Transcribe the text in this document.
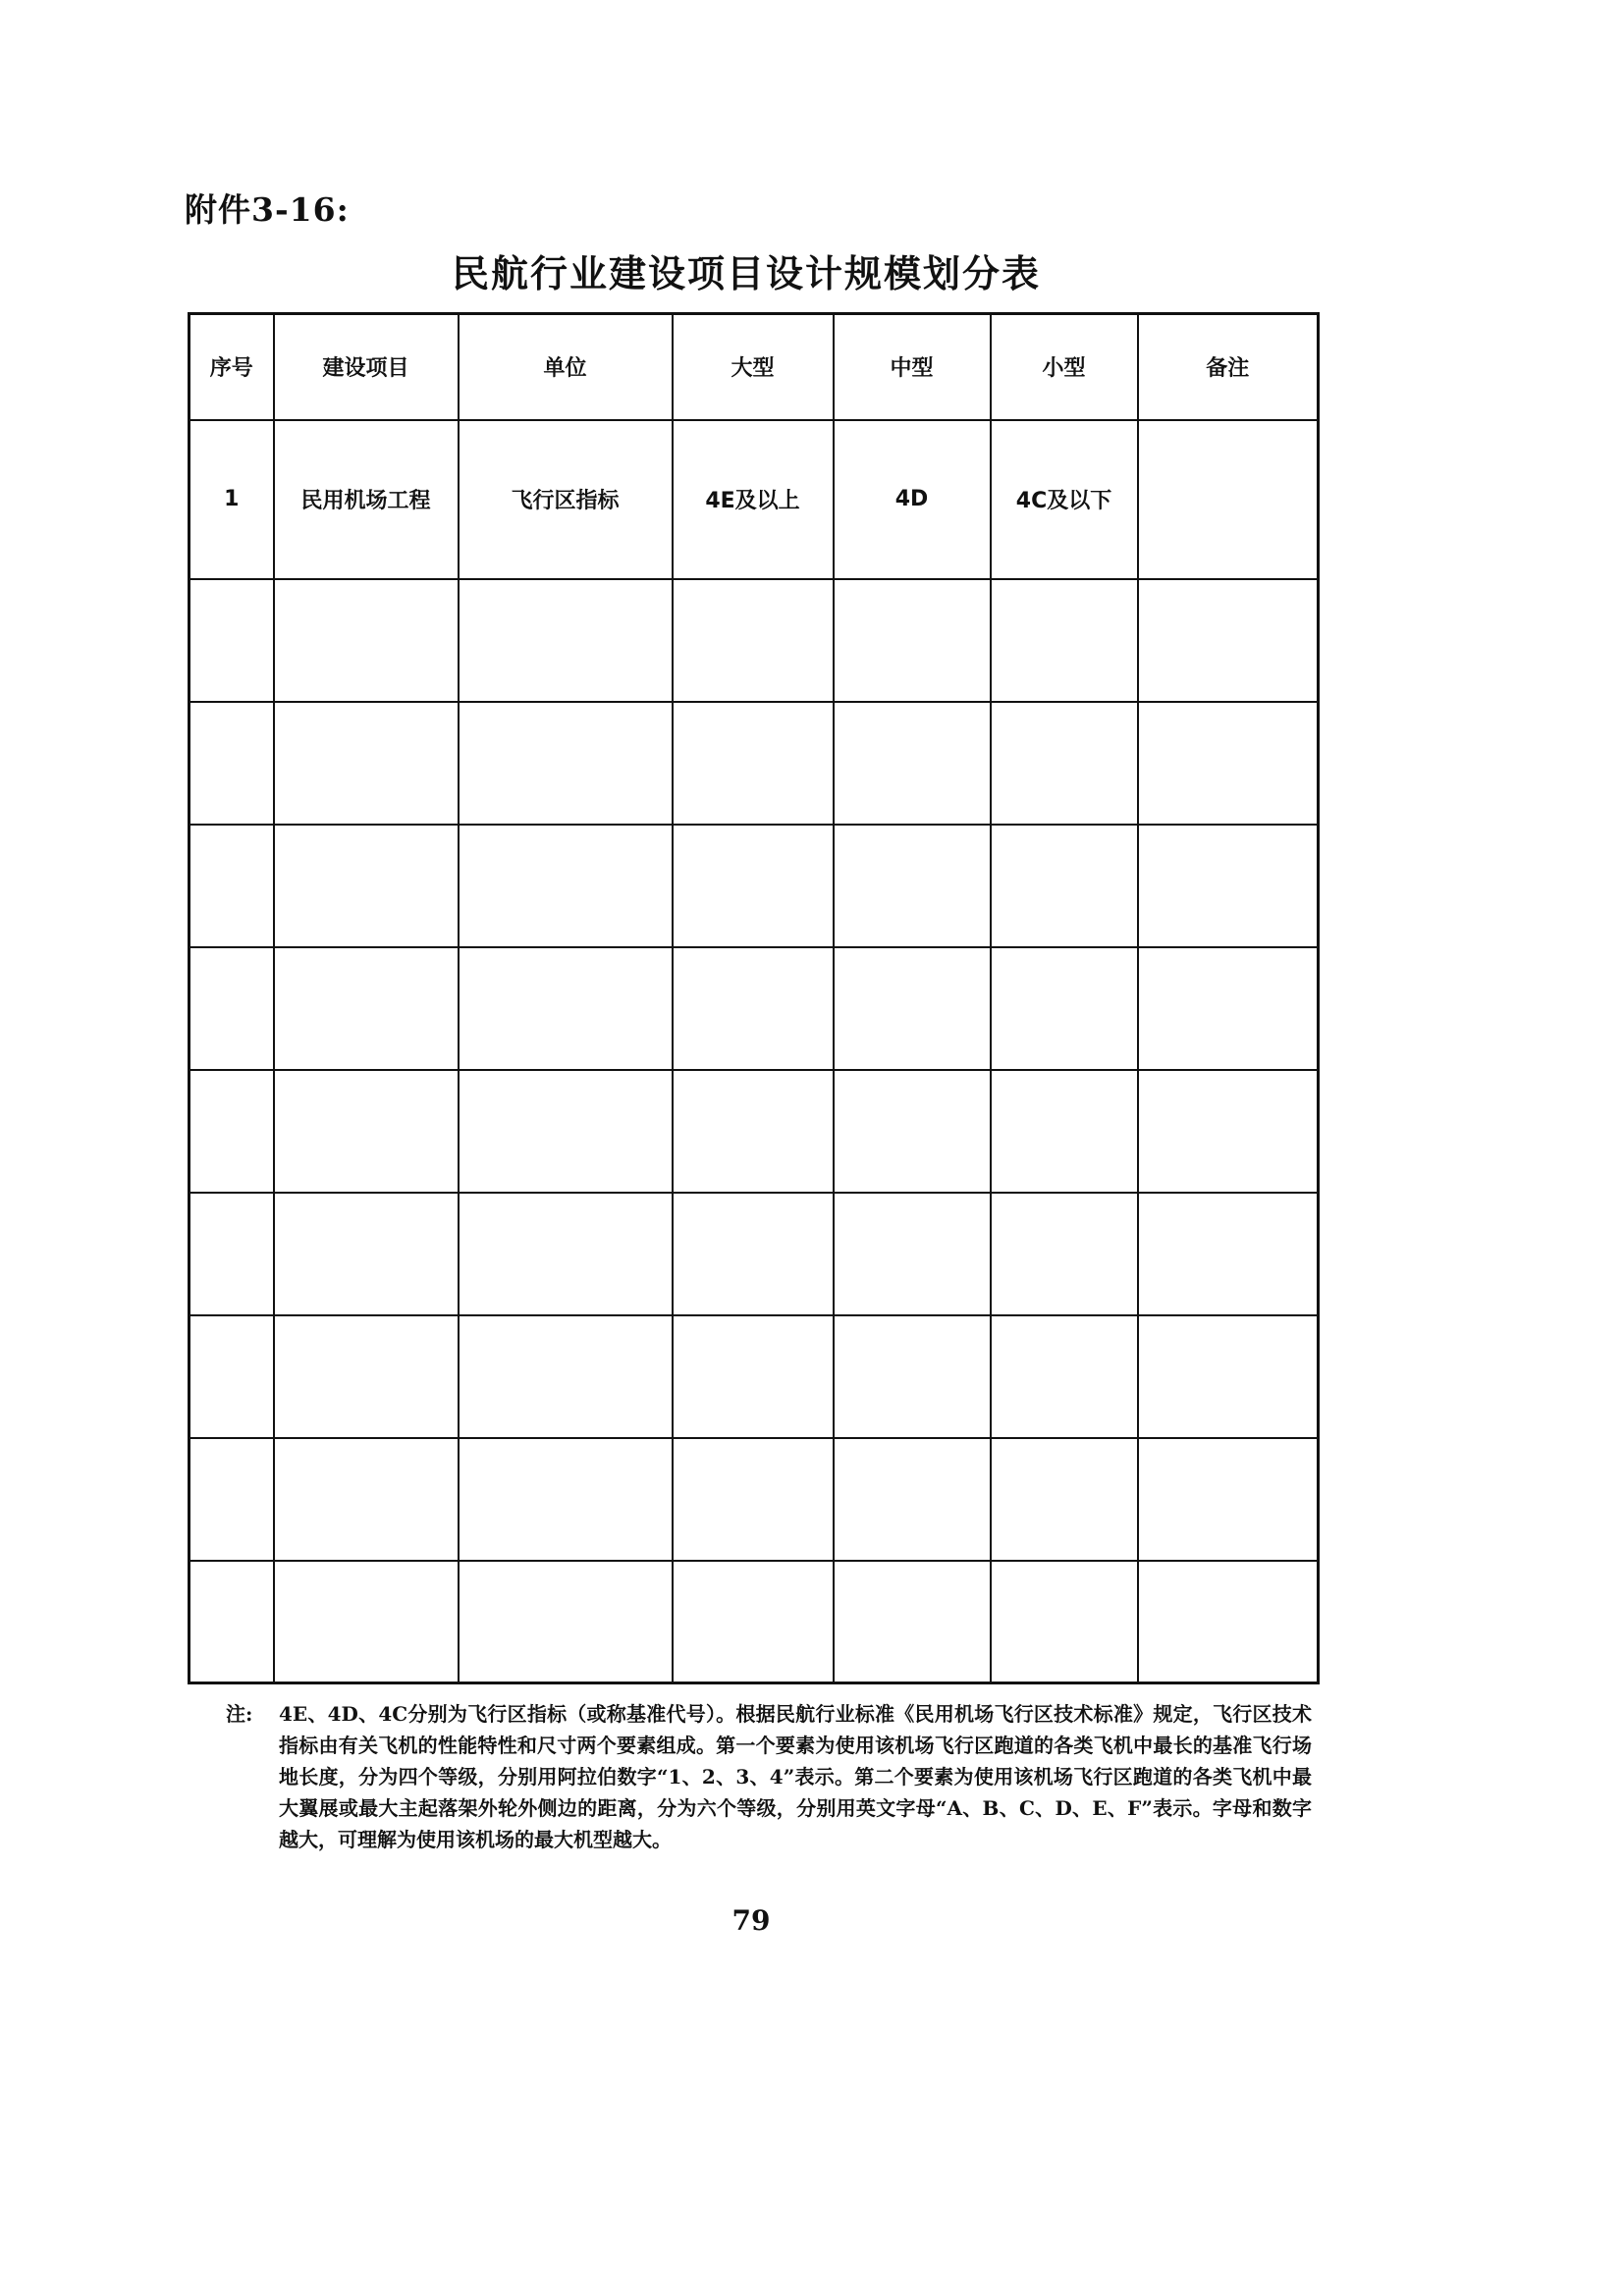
附件3-16:
民航行业建设项目设计规模划分表
序号	建设项目	单位	大型	中型	小型	备注
1	民用机场工程	飞行区指标	4E及以上	4D	4C及以下	

注: 4E、4D、4C分别为飞行区指标（或称基准代号）。根据民航行业标准《民用机场飞行区技术标准》规定，飞行区技术指标由有关飞机的性能特性和尺寸两个要素组成。第一个要素为使用该机场飞行区跑道的各类飞机中最长的基准飞行场地长度，分为四个等级，分别用阿拉伯数字“1、2、3、4”表示。第二个要素为使用该机场飞行区跑道的各类飞机中最大翼展或最大主起落架外轮外侧边的距离，分为六个等级，分别用英文字母“A、B、C、D、E、F”表示。字母和数字越大，可理解为使用该机场的最大机型越大。
79
